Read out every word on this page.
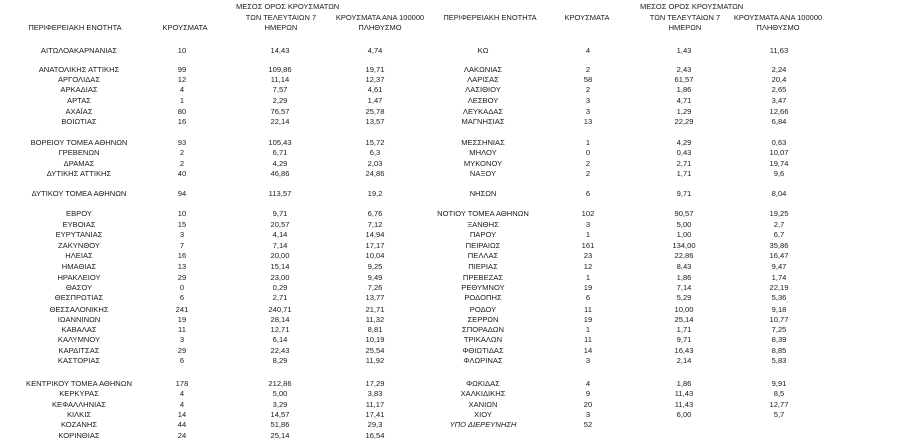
ΠΕΡΙΦΕΡΕΙΑΚΗ ΕΝΟΤΗΤΑ	ΚΡΟΥΣΜΑΤΑ
ΜΕΣΟΣ ΟΡΟΣ ΚΡΟΥΣΜΑΤΩΝ
ΤΩΝ ΤΕΛΕΥΤΑΙΩΝ 7
ΗΜΕΡΩΝ
ΚΡΟΥΣΜΑΤΑ ΑΝΑ 100000
ΠΛΗΘΥΣΜΟ
ΠΕΡΙΦΕΡΕΙΑΚΗ ΕΝΟΤΗΤΑ	ΚΡΟΥΣΜΑΤΑ
ΜΕΣΟΣ ΟΡΟΣ ΚΡΟΥΣΜΑΤΩΝ
ΤΩΝ ΤΕΛΕΥΤΑΙΩΝ 7
ΗΜΕΡΩΝ
ΚΡΟΥΣΜΑΤΑ ΑΝΑ 100000
ΠΛΗΘΥΣΜΟ
ΑΙΤΩΛΟΑΚΑΡΝΑΝΙΑΣ	10	14,43	4,74
ΑΝΑΤΟΛΙΚΗΣ ΑΤΤΙΚΗΣ	99	109,86	19,71
ΑΡΓΟΛΙΔΑΣ	12	11,14	12,37
ΑΡΚΑΔΙΑΣ	4	7,57	4,61
ΑΡΤΑΣ	1	2,29	1,47
ΑΧΑΪΑΣ	80	76,57	25,78
ΒΟΙΩΤΙΑΣ	16	22,14	13,57
ΒΟΡΕΙΟΥ ΤΟΜΕΑ ΑΘΗΝΩΝ	93	105,43	15,72
ΓΡΕΒΕΝΩΝ	2	6,71	6,3
ΔΡΑΜΑΣ	2	4,29	2,03
ΔΥΤΙΚΗΣ ΑΤΤΙΚΗΣ	40	46,86	24,86
ΔΥΤΙΚΟΥ ΤΟΜΕΑ ΑΘΗΝΩΝ	94	113,57	19,2
ΕΒΡΟΥ	10	9,71	6,76
ΕΥΒΟΙΑΣ	15	20,57	7,12
ΕΥΡΥΤΑΝΙΑΣ	3	4,14	14,94
ΖΑΚΥΝΘΟΥ	7	7,14	17,17
ΗΛΕΙΑΣ	16	20,00	10,04
ΗΜΑΘΙΑΣ	13	15,14	9,25
ΗΡΑΚΛΕΙΟΥ	29	23,00	9,49
ΘΑΣΟΥ	0	0,29	7,26
ΘΕΣΠΡΩΤΙΑΣ	6	2,71	13,77
ΘΕΣΣΑΛΟΝΙΚΗΣ	241	240,71	21,71
ΙΩΑΝΝΙΝΩΝ	19	28,14	11,32
ΚΑΒΑΛΑΣ	11	12,71	8,81
ΚΑΛΥΜΝΟΥ	3	6,14	10,19
ΚΑΡΔΙΤΣΑΣ	29	22,43	25,54
ΚΑΣΤΟΡΙΑΣ	6	8,29	11,92
ΚΕΝΤΡΙΚΟΥ ΤΟΜΕΑ ΑΘΗΝΩΝ	178	212,86	17,29
ΚΕΡΚΥΡΑΣ	4	5,00	3,83
ΚΕΦΑΛΛΗΝΙΑΣ	4	3,29	11,17
ΚΙΛΚΙΣ	14	14,57	17,41
ΚΟΖΑΝΗΣ	44	51,86	29,3
ΚΟΡΙΝΘΙΑΣ	24	25,14	16,54
ΚΩ	4	1,43	11,63
ΛΑΚΩΝΙΑΣ	2	2,43	2,24
ΛΑΡΙΣΑΣ	58	61,57	20,4
ΛΑΣΙΘΙΟΥ	2	1,86	2,65
ΛΕΣΒΟΥ	3	4,71	3,47
ΛΕΥΚΑΔΑΣ	3	1,29	12,66
ΜΑΓΝΗΣΙΑΣ	13	22,29	6,84
ΜΕΣΣΗΝΙΑΣ	1	4,29	0,63
ΜΗΛΟΥ	0	0,43	10,07
ΜΥΚΟΝΟΥ	2	2,71	19,74
ΝΑΞΟΥ	2	1,71	9,6
ΝΗΣΩΝ	6	9,71	8,04
ΝΟΤΙΟΥ ΤΟΜΕΑ ΑΘΗΝΩΝ	102	90,57	19,25
ΞΑΝΘΗΣ	3	5,00	2,7
ΠΑΡΟΥ	1	1,00	6,7
ΠΕΙΡΑΙΩΣ	161	134,00	35,86
ΠΕΛΛΑΣ	23	22,86	16,47
ΠΙΕΡΙΑΣ	12	8,43	9,47
ΠΡΕΒΕΖΑΣ	1	1,86	1,74
ΡΕΘΥΜΝΟΥ	19	7,14	22,19
ΡΟΔΟΠΗΣ	6	5,29	5,36
ΡΟΔΟΥ	11	10,00	9,18
ΣΕΡΡΩΝ	19	25,14	10,77
ΣΠΟΡΑΔΩΝ	1	1,71	7,25
ΤΡΙΚΑΛΩΝ	11	9,71	8,39
ΦΘΙΩΤΙΔΑΣ	14	16,43	8,85
ΦΛΩΡΙΝΑΣ	3	2,14	5,83
ΦΩΚΙΔΑΣ	4	1,86	9,91
ΧΑΛΚΙΔΙΚΗΣ	9	11,43	8,5
ΧΑΝΙΩΝ	20	11,43	12,77
ΧΙΟΥ	3	6,00	5,7
ΥΠΟ ΔΙΕΡΕΥΝΗΣΗ	52
